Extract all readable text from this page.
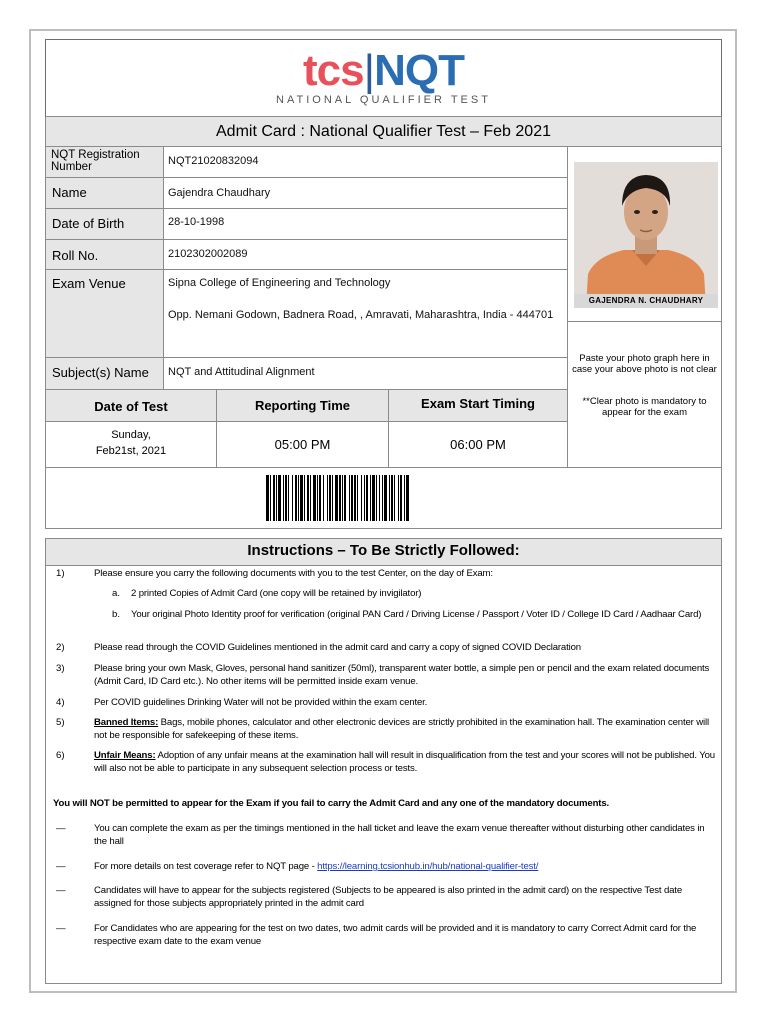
tcs|NQT
NATIONAL QUALIFIER TEST
Admit Card : National Qualifier Test – Feb 2021
NQT Registration Number	NQT21020832094
Name	Gajendra Chaudhary
Date of Birth	28-10-1998
Roll No.	2102302002089
Exam Venue	Sipna College of Engineering and Technology
Opp. Nemani Godown, Badnera Road, , Amravati, Maharashtra, India - 444701
Subject(s) Name	NQT and Attitudinal Alignment
Date of Test	Reporting Time	Exam Start Timing
Sunday,
Feb21st, 2021	05:00 PM	06:00 PM
Paste your photo graph here in case your above photo is not clear
**Clear photo is mandatory to appear for the exam
GAJENDRA N. CHAUDHARY
Instructions – To Be Strictly Followed:
1)	Please ensure you carry the following documents with you to the test Center, on the day of Exam:
a. 2 printed Copies of Admit Card (one copy will be retained by invigilator)
b. Your original Photo Identity proof for verification (original PAN Card / Driving License / Passport / Voter ID / College ID Card / Aadhaar Card)
2)	Please read through the COVID Guidelines mentioned in the admit card and carry a copy of signed COVID Declaration
3)	Please bring your own Mask, Gloves, personal hand sanitizer (50ml), transparent water bottle, a simple pen or pencil and the exam related documents (Admit Card, ID Card etc.). No other items will be permitted inside exam venue.
4)	Per COVID guidelines Drinking Water will not be provided within the exam center.
5)	Banned Items: Bags, mobile phones, calculator and other electronic devices are strictly prohibited in the examination hall. The examination center will not be responsible for safekeeping of these items.
6)	Unfair Means: Adoption of any unfair means at the examination hall will result in disqualification from the test and your scores will not be published. You will also not be able to participate in any subsequent selection process or tests.
You will NOT be permitted to appear for the Exam if you fail to carry the Admit Card and any one of the mandatory documents.
—	You can complete the exam as per the timings mentioned in the hall ticket and leave the exam venue thereafter without disturbing other candidates in the hall
—	For more details on test coverage refer to NQT page - https://learning.tcsionhub.in/hub/national-qualifier-test/
—	Candidates will have to appear for the subjects registered (Subjects to be appeared is also printed in the admit card) on the respective Test date assigned for those subjects appropriately printed in the admit card
—	For Candidates who are appearing for the test on two dates, two admit cards will be provided and it is mandatory to carry Correct Admit card for the respective exam date to the exam venue
